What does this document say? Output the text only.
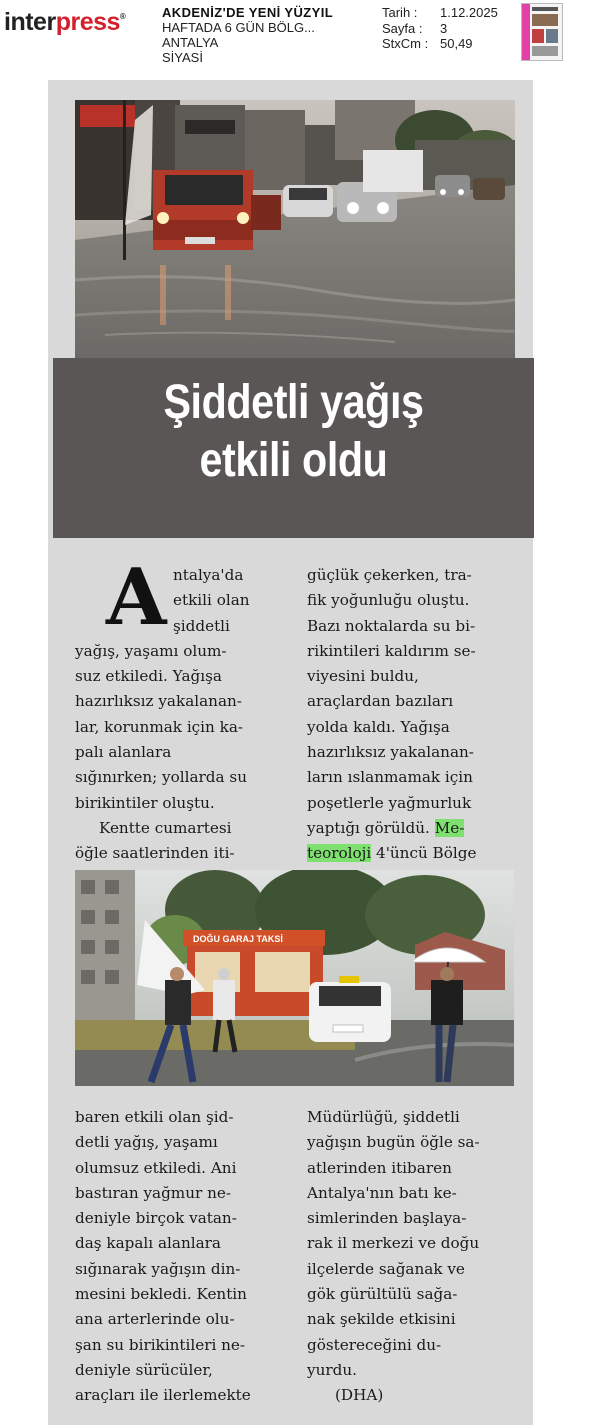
interpress®	AKDENİZ'DE YENİ YÜZYIL
HAFTADA 6 GÜN BÖLG...
ANTALYA
SİYASİ
Tarih :	1.12.2025
Sayfa :	3
StxCm : 50,49
Şiddetli yağış
etkili oldu
A ntalya'da
etkili olan
şiddetli
yağış, yaşamı olum-
suz etkiledi. Yağışa
hazırlıksız yakalanan-
lar, korunmak için ka-
palı alanlara
sığınırken; yollarda su
birikintiler oluştu.
Kentte cumartesi
öğle saatlerinden iti-
güçlük çekerken, tra-
fik yoğunluğu oluştu.
Bazı noktalarda su bi-
rikintileri kaldırım se-
viyesini buldu,
araçlardan bazıları
yolda kaldı. Yağışa
hazırlıksız yakalanan-
ların ıslanmamak için
poşetlerle yağmurluk
yaptığı görüldü. Me-
teoroloji 4'üncü Bölge
DOĞU GARAJ TAKSİ
baren etkili olan şid-
detli yağış, yaşamı
olumsuz etkiledi. Ani
bastıran yağmur ne-
deniyle birçok vatan-
daş kapalı alanlara
sığınarak yağışın din-
mesini bekledi. Kentin
ana arterlerinde olu-
şan su birikintileri ne-
deniyle sürücüler,
araçları ile ilerlemekte
Müdürlüğü, şiddetli
yağışın bugün öğle sa-
atlerinden itibaren
Antalya'nın batı ke-
simlerinden başlaya-
rak il merkezi ve doğu
ilçelerde sağanak ve
gök gürültülü sağa-
nak şekilde etkisini
göstereceğini du-
yurdu.
(DHA)
